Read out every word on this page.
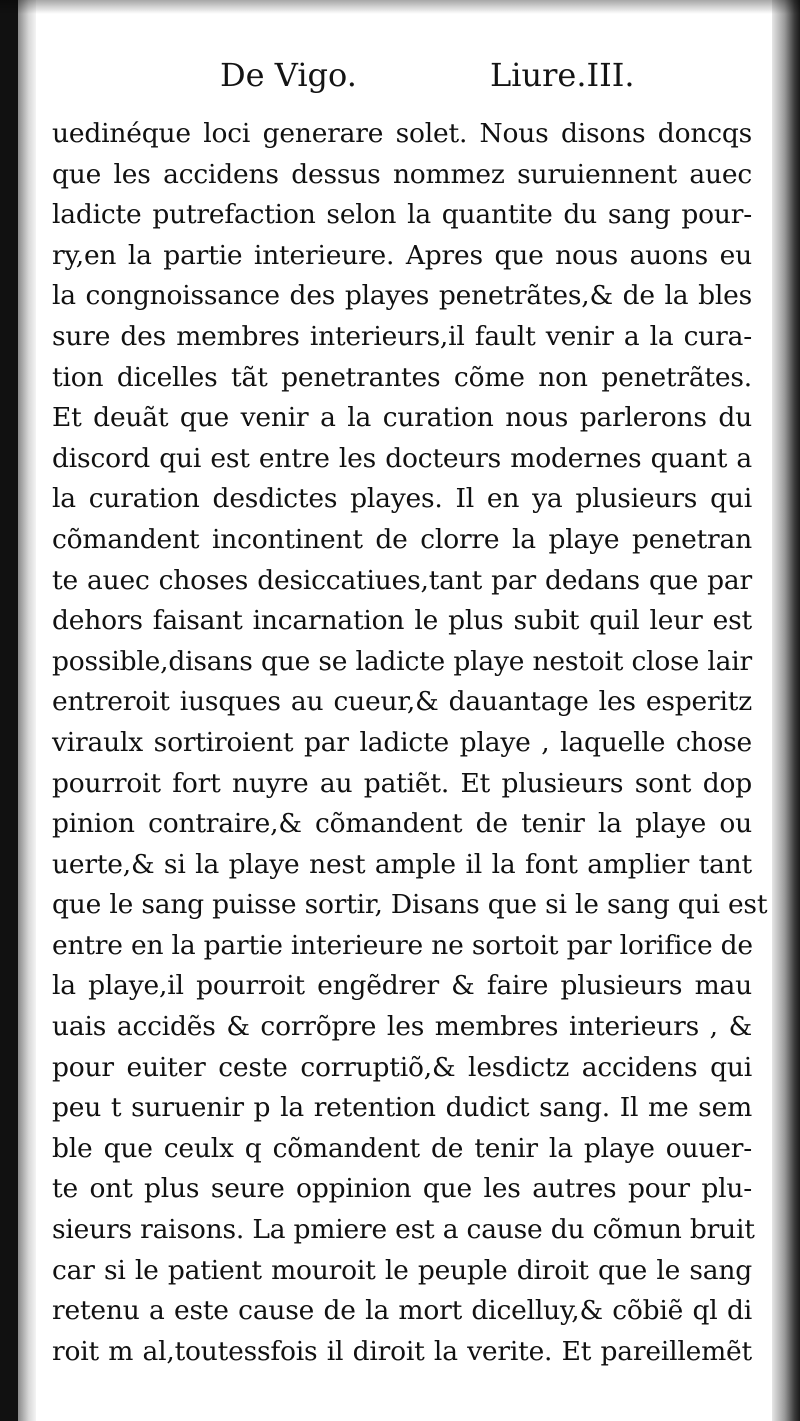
De Vigo.	Liure.III.
uedinéque loci generare solet. Nous disons doncqs
que les accidens dessus nommez suruiennent auec
ladicte putrefaction selon la quantite du sang pour-
ry,en la partie interieure. Apres que nous auons eu
la congnoissance des playes penetrãtes,& de la bles
sure des membres interieurs,il fault venir a la cura-
tion dicelles tãt penetrantes cõme non penetrãtes.
Et deuãt que venir a la curation nous parlerons du
discord qui est entre les docteurs modernes quant a
la curation desdictes playes. Il en ya plusieurs qui
cõmandent incontinent de clorre la playe penetran
te auec choses desiccatiues,tant par dedans que par
dehors faisant incarnation le plus subit quil leur est
possible,disans que se ladicte playe nestoit close lair
entreroit iusques au cueur,& dauantage les esperitz
viraulx sortiroient par ladicte playe , laquelle chose
pourroit fort nuyre au patiẽt. Et plusieurs sont dop
pinion contraire,& cõmandent de tenir la playe ou
uerte,& si la playe nest ample il la font amplier tant
que le sang puisse sortir, Disans que si le sang qui est
entre en la partie interieure ne sortoit par lorifice de
la playe,il pourroit engẽdrer & faire plusieurs mau
uais accidẽs & corrõpre les membres interieurs , &
pour euiter ceste corruptiõ,& lesdictz accidens qui
peu t suruenir p la retention dudict sang. Il me sem
ble que ceulx q cõmandent de tenir la playe ouuer-
te ont plus seure oppinion que les autres pour plu-
sieurs raisons. La pmiere est a cause du cõmun bruit
car si le patient mouroit le peuple diroit que le sang
retenu a este cause de la mort dicelluy,& cõbiẽ ql di
roit m al,toutessfois il diroit la verite. Et pareillemẽt
